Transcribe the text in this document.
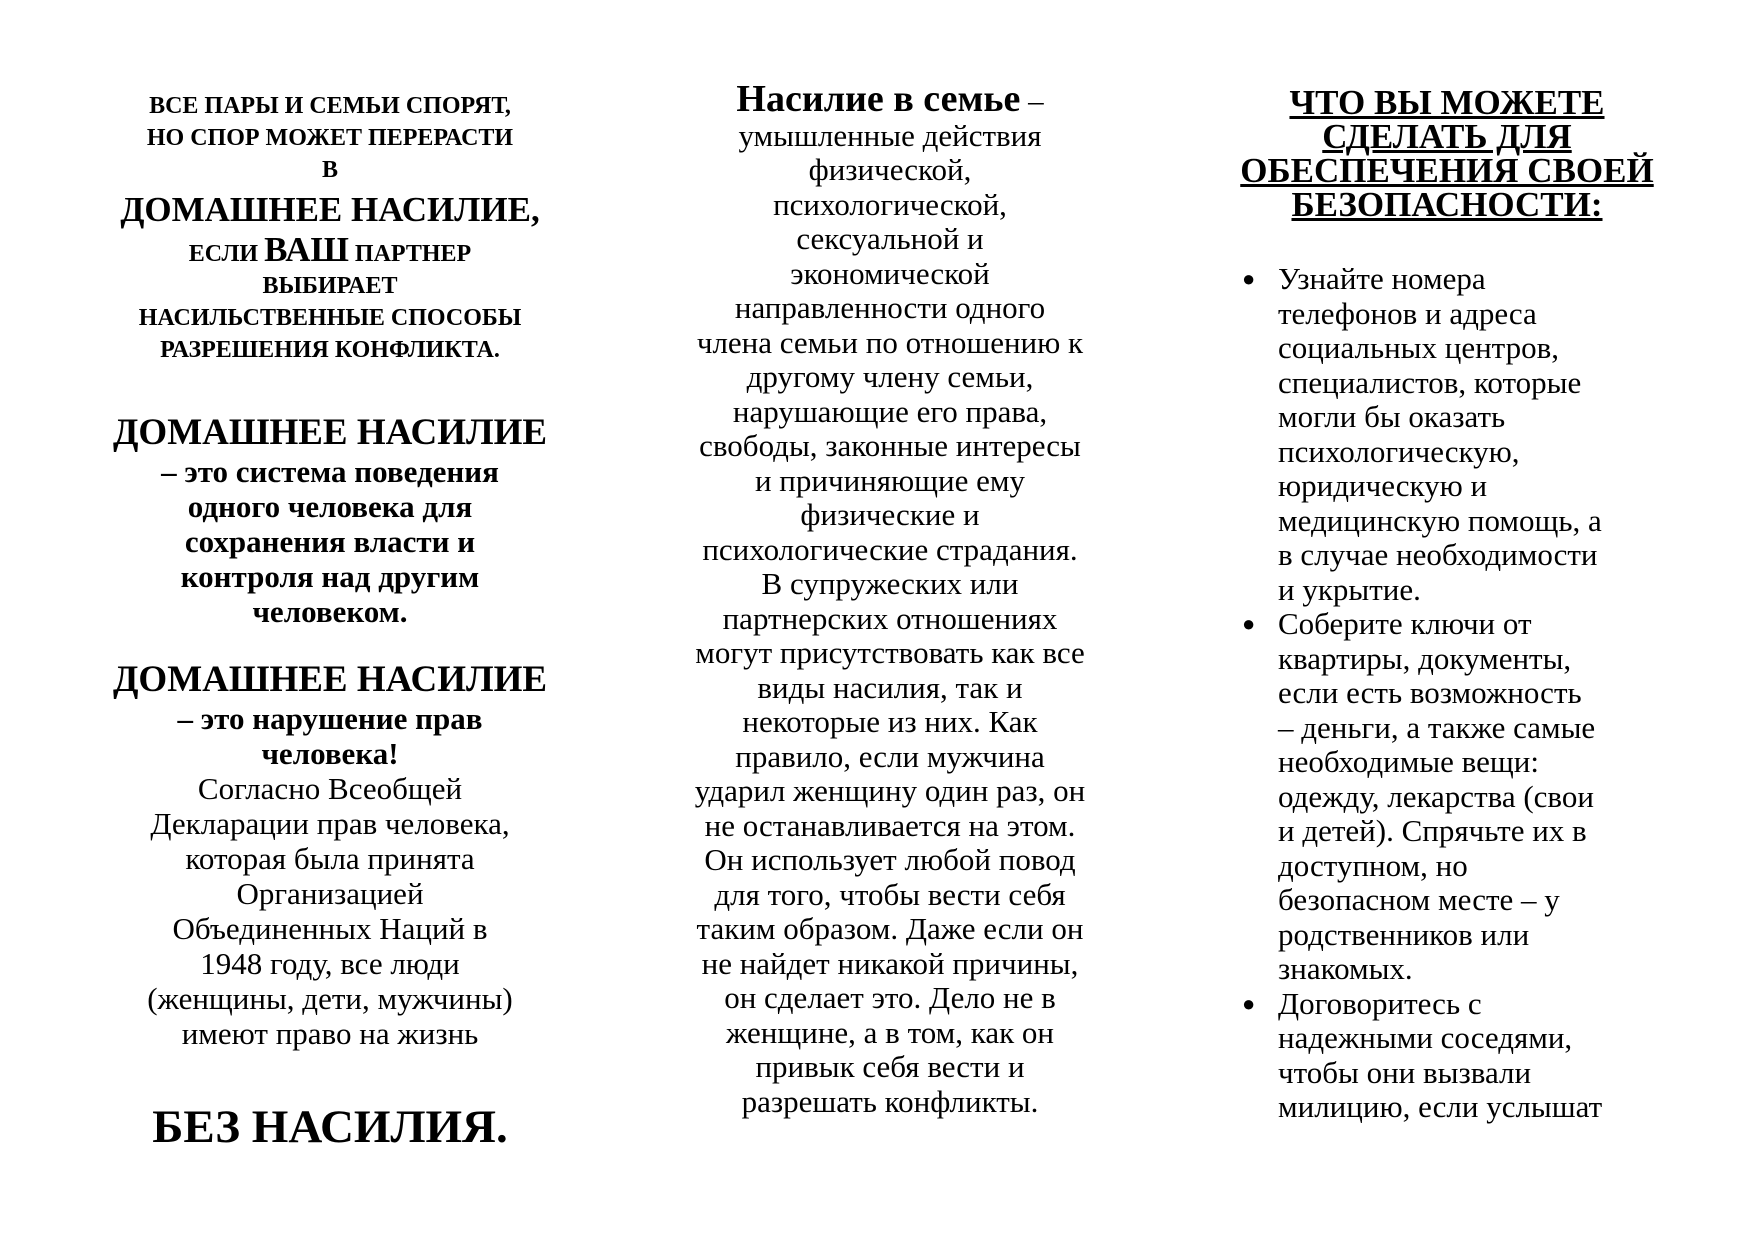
ВСЕ ПАРЫ И СЕМЬИ СПОРЯТ,
НО СПОР МОЖЕТ ПЕРЕРАСТИ
В
ДОМАШНЕЕ НАСИЛИЕ,
ЕСЛИ ВАШ ПАРТНЕР
ВЫБИРАЕТ
НАСИЛЬСТВЕННЫЕ СПОСОБЫ
РАЗРЕШЕНИЯ КОНФЛИКТА.
ДОМАШНЕЕ НАСИЛИЕ
– это система поведения
одного человека для
сохранения власти и
контроля над другим
человеком.
ДОМАШНЕЕ НАСИЛИЕ
– это нарушение прав
человека!
Согласно Всеобщей
Декларации прав человека,
которая была принята
Организацией
Объединенных Наций в
1948 году, все люди
(женщины, дети, мужчины)
имеют право на жизнь
БЕЗ НАСИЛИЯ.
Насилие в семье –
умышленные действия
физической,
психологической,
сексуальной и
экономической
направленности одного
члена семьи по отношению к
другому члену семьи,
нарушающие его права,
свободы, законные интересы
и причиняющие ему
физические и
психологические страдания.
В супружеских или
партнерских отношениях
могут присутствовать как все
виды насилия, так и
некоторые из них. Как
правило, если мужчина
ударил женщину один раз, он
не останавливается на этом.
Он использует любой повод
для того, чтобы вести себя
таким образом. Даже если он
не найдет никакой причины,
он сделает это. Дело не в
женщине, а в том, как он
привык себя вести и
разрешать конфликты.
ЧТО ВЫ МОЖЕТЕ
СДЕЛАТЬ ДЛЯ
ОБЕСПЕЧЕНИЯ СВОЕЙ
БЕЗОПАСНОСТИ:
● Узнайте номера
телефонов и адреса
социальных центров,
специалистов, которые
могли бы оказать
психологическую,
юридическую и
медицинскую помощь, а
в случае необходимости
и укрытие.
● Соберите ключи от
квартиры, документы,
если есть возможность
– деньги, а также самые
необходимые вещи:
одежду, лекарства (свои
и детей). Спрячьте их в
доступном, но
безопасном месте – у
родственников или
знакомых.
● Договоритесь с
надежными соседями,
чтобы они вызвали
милицию, если услышат
